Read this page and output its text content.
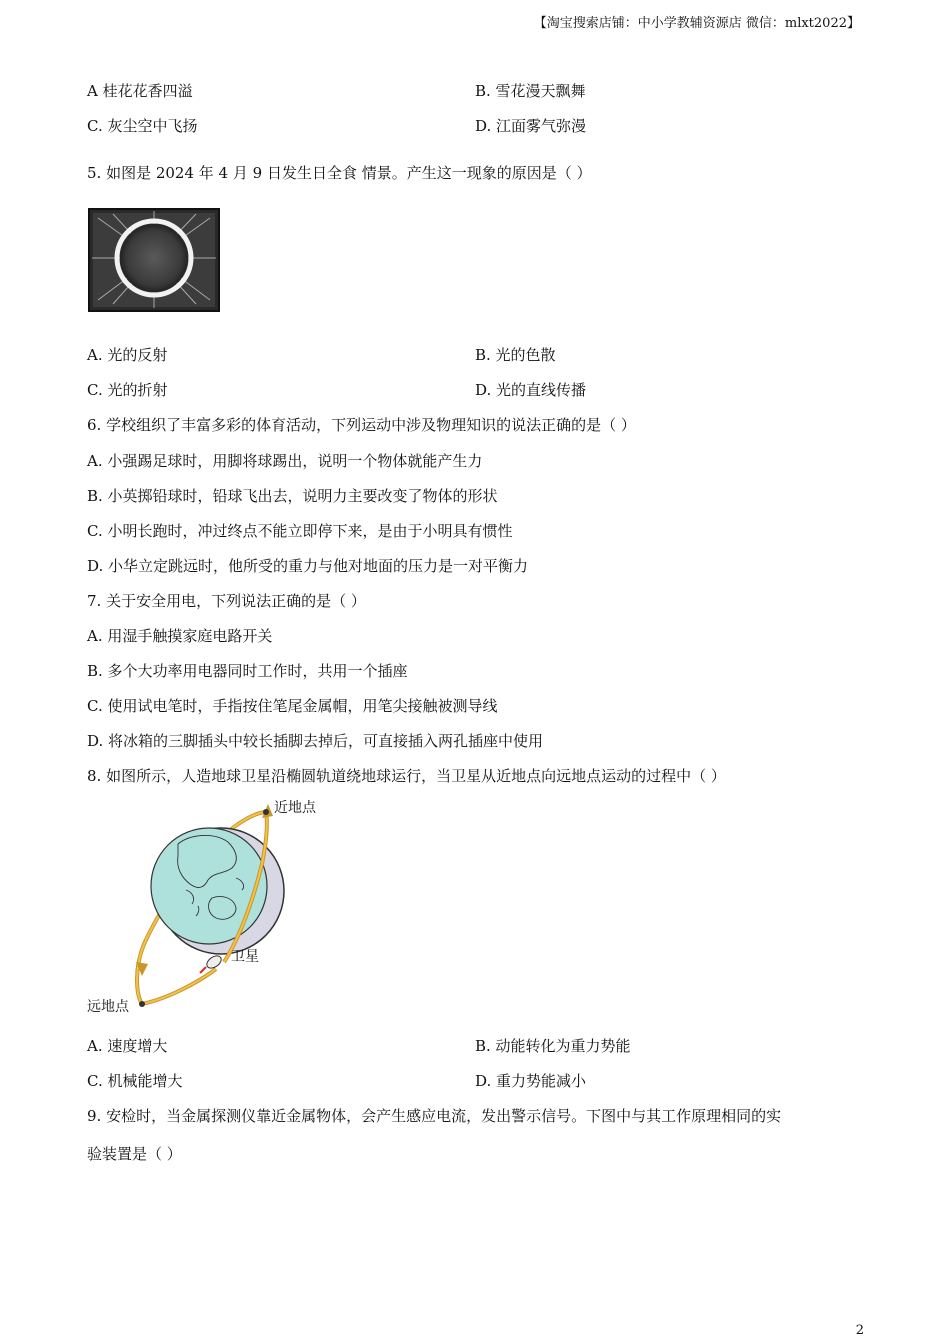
【淘宝搜索店铺：中小学教辅资源店 微信：mlxt2022】
A 桂花花香四溢	B. 雪花漫天飘舞
C. 灰尘空中飞扬	D. 江面雾气弥漫
5. 如图是 2024 年 4 月 9 日发生日全食 情景。产生这一现象的原因是（ ）
A. 光的反射	B. 光的色散
C. 光的折射	D. 光的直线传播
6. 学校组织了丰富多彩的体育活动，下列运动中涉及物理知识的说法正确的是（ ）
A. 小强踢足球时，用脚将球踢出，说明一个物体就能产生力
B. 小英掷铅球时，铅球飞出去，说明力主要改变了物体的形状
C. 小明长跑时，冲过终点不能立即停下来，是由于小明具有惯性
D. 小华立定跳远时，他所受的重力与他对地面的压力是一对平衡力
7. 关于安全用电，下列说法正确的是（ ）
A. 用湿手触摸家庭电路开关
B. 多个大功率用电器同时工作时，共用一个插座
C. 使用试电笔时，手指按住笔尾金属帽，用笔尖接触被测导线
D. 将冰箱的三脚插头中较长插脚去掉后，可直接插入两孔插座中使用
8. 如图所示，人造地球卫星沿椭圆轨道绕地球运行，当卫星从近地点向远地点运动的过程中（ ）
近地点
卫星
远地点
A. 速度增大	B. 动能转化为重力势能
C. 机械能增大	D. 重力势能减小
9. 安检时，当金属探测仪靠近金属物体，会产生感应电流，发出警示信号。下图中与其工作原理相同的实
验装置是（ ）
2
